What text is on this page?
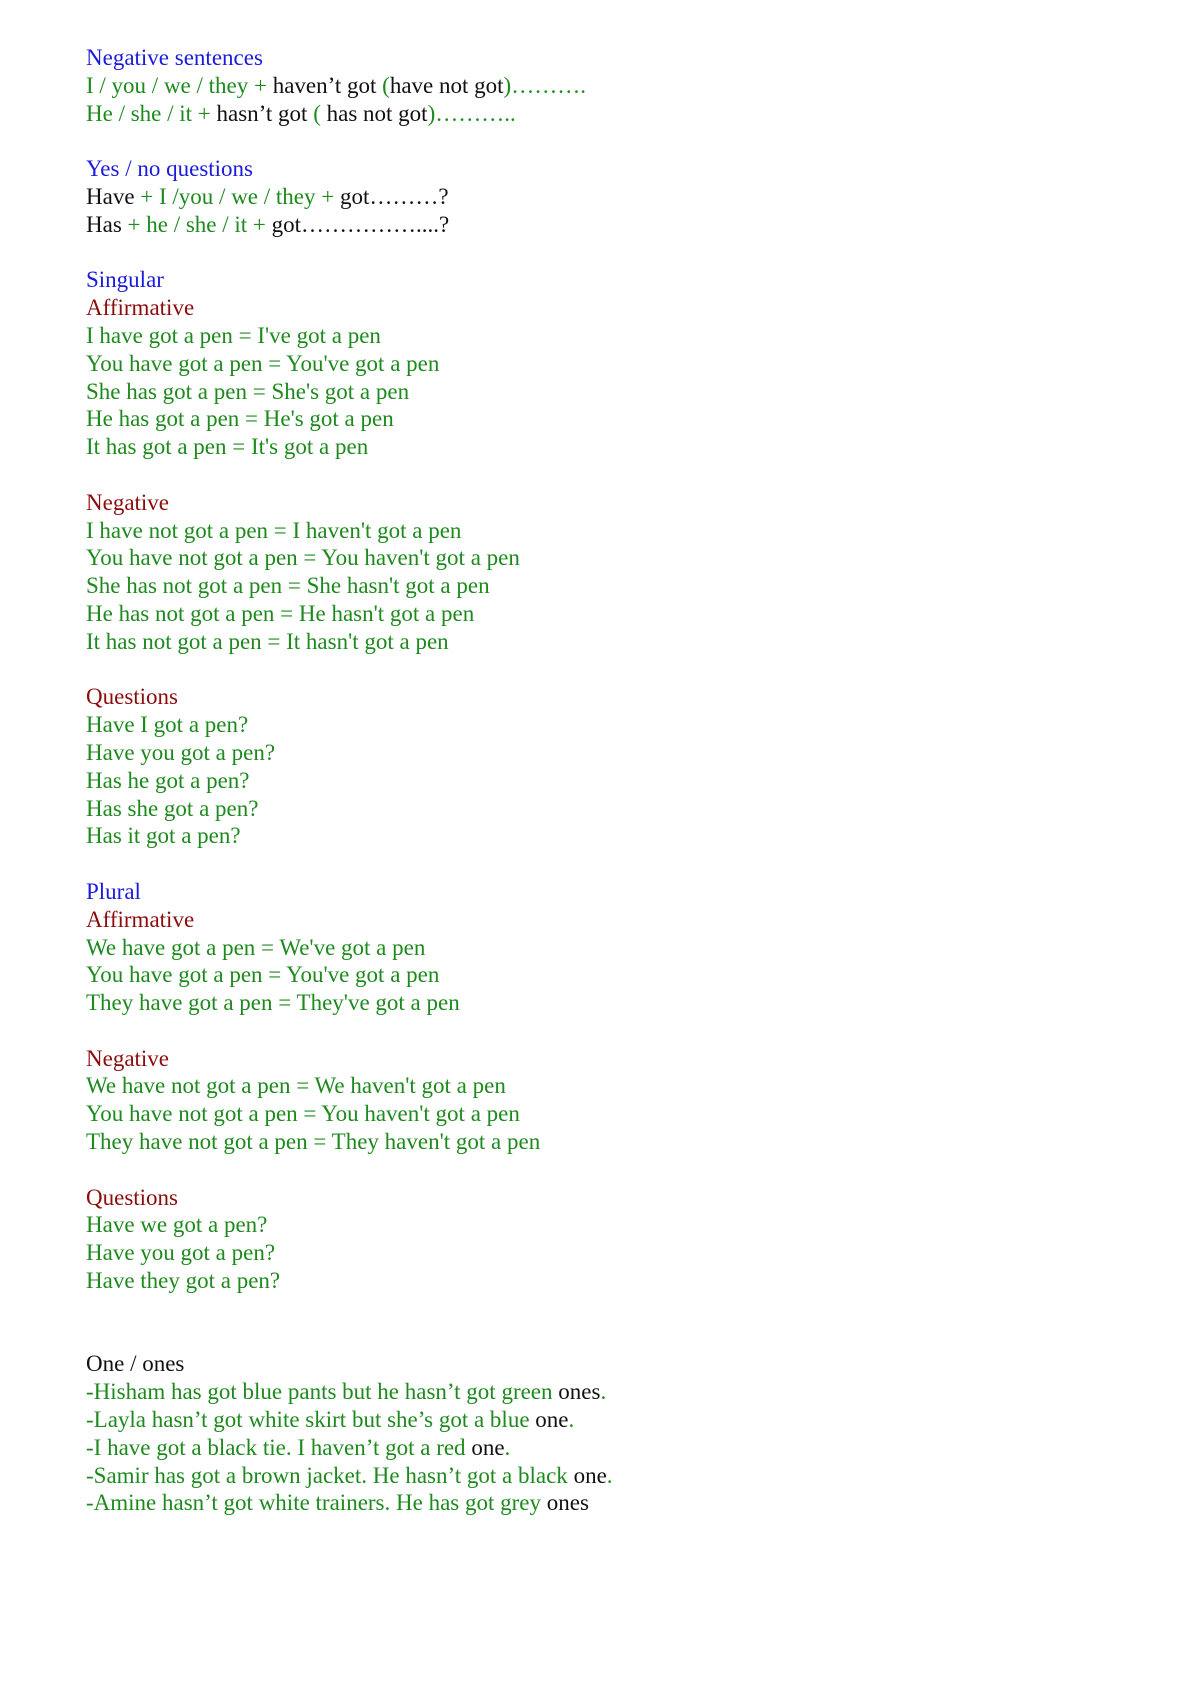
Negative sentences
I / you / we / they + haven’t got (have not got)……….
He / she / it + hasn’t got ( has not got)………..
Yes / no questions
Have + I /you / we / they + got………?
Has + he / she / it + got……………....?
Singular
Affirmative
I have got a pen = I've got a pen
You have got a pen = You've got a pen
She has got a pen = She's got a pen
He has got a pen = He's got a pen
It has got a pen = It's got a pen
Negative
I have not got a pen = I haven't got a pen
You have not got a pen = You haven't got a pen
She has not got a pen = She hasn't got a pen
He has not got a pen = He hasn't got a pen
It has not got a pen = It hasn't got a pen
Questions
Have I got a pen?
Have you got a pen?
Has he got a pen?
Has she got a pen?
Has it got a pen?
Plural
Affirmative
We have got a pen = We've got a pen
You have got a pen = You've got a pen
They have got a pen = They've got a pen
Negative
We have not got a pen = We haven't got a pen
You have not got a pen = You haven't got a pen
They have not got a pen = They haven't got a pen
Questions
Have we got a pen?
Have you got a pen?
Have they got a pen?
One / ones
-Hisham has got blue pants but he hasn’t got green ones.
-Layla hasn’t got white skirt but she’s got a blue one.
-I have got a black tie. I haven’t got a red one.
-Samir has got a brown jacket. He hasn’t got a black one.
-Amine hasn’t got white trainers. He has got grey ones
